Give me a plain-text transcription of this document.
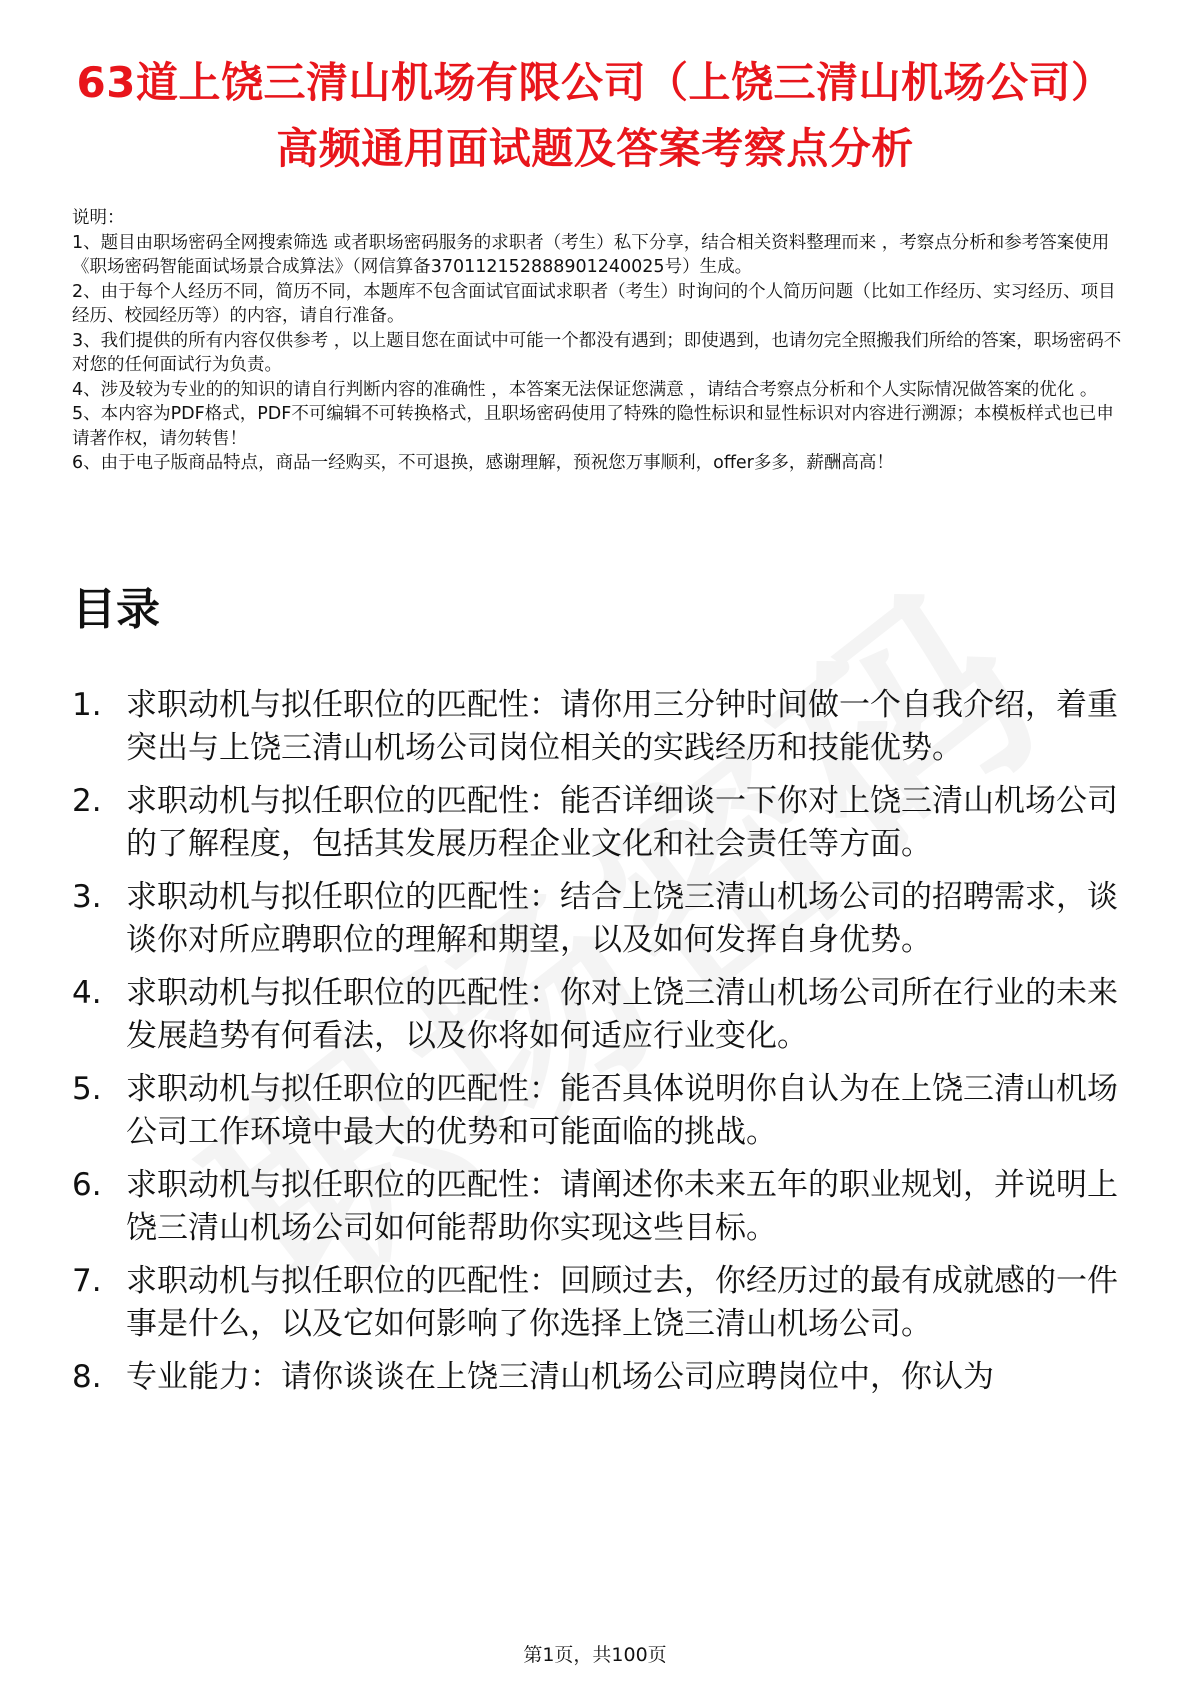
63道上饶三清山机场有限公司（上饶三清山机场公司）高频通用面试题及答案考察点分析
说明：
1、题目由职场密码全网搜索筛选 或者职场密码服务的求职者（考生）私下分享，结合相关资料整理而来 ，考察点分析和参考答案使用《职场密码智能面试场景合成算法》（网信算备370112152888901240025号）生成。
2、由于每个人经历不同，简历不同，本题库不包含面试官面试求职者（考生）时询问的个人简历问题（比如工作经历、实习经历、项目经历、校园经历等）的内容，请自行准备。
3、我们提供的所有内容仅供参考 ，以上题目您在面试中可能一个都没有遇到；即使遇到，也请勿完全照搬我们所给的答案，职场密码不对您的任何面试行为负责。
4、涉及较为专业的的知识的请自行判断内容的准确性 ，本答案无法保证您满意 ，请结合考察点分析和个人实际情况做答案的优化 。
5、本内容为PDF格式，PDF不可编辑不可转换格式，且职场密码使用了特殊的隐性标识和显性标识对内容进行溯源；本模板样式也已申请著作权，请勿转售！
6、由于电子版商品特点，商品一经购买，不可退换，感谢理解，预祝您万事顺利，offer多多，薪酬高高！
目录
1. 求职动机与拟任职位的匹配性：请你用三分钟时间做一个自我介绍，着重突出与上饶三清山机场公司岗位相关的实践经历和技能优势。
2. 求职动机与拟任职位的匹配性：能否详细谈一下你对上饶三清山机场公司的了解程度，包括其发展历程企业文化和社会责任等方面。
3. 求职动机与拟任职位的匹配性：结合上饶三清山机场公司的招聘需求，谈谈你对所应聘职位的理解和期望，以及如何发挥自身优势。
4. 求职动机与拟任职位的匹配性：你对上饶三清山机场公司所在行业的未来发展趋势有何看法，以及你将如何适应行业变化。
5. 求职动机与拟任职位的匹配性：能否具体说明你自认为在上饶三清山机场公司工作环境中最大的优势和可能面临的挑战。
6. 求职动机与拟任职位的匹配性：请阐述你未来五年的职业规划，并说明上饶三清山机场公司如何能帮助你实现这些目标。
7. 求职动机与拟任职位的匹配性：回顾过去，你经历过的最有成就感的一件事是什么，以及它如何影响了你选择上饶三清山机场公司。
8. 专业能力：请你谈谈在上饶三清山机场公司应聘岗位中，你认为
第1页，共100页
